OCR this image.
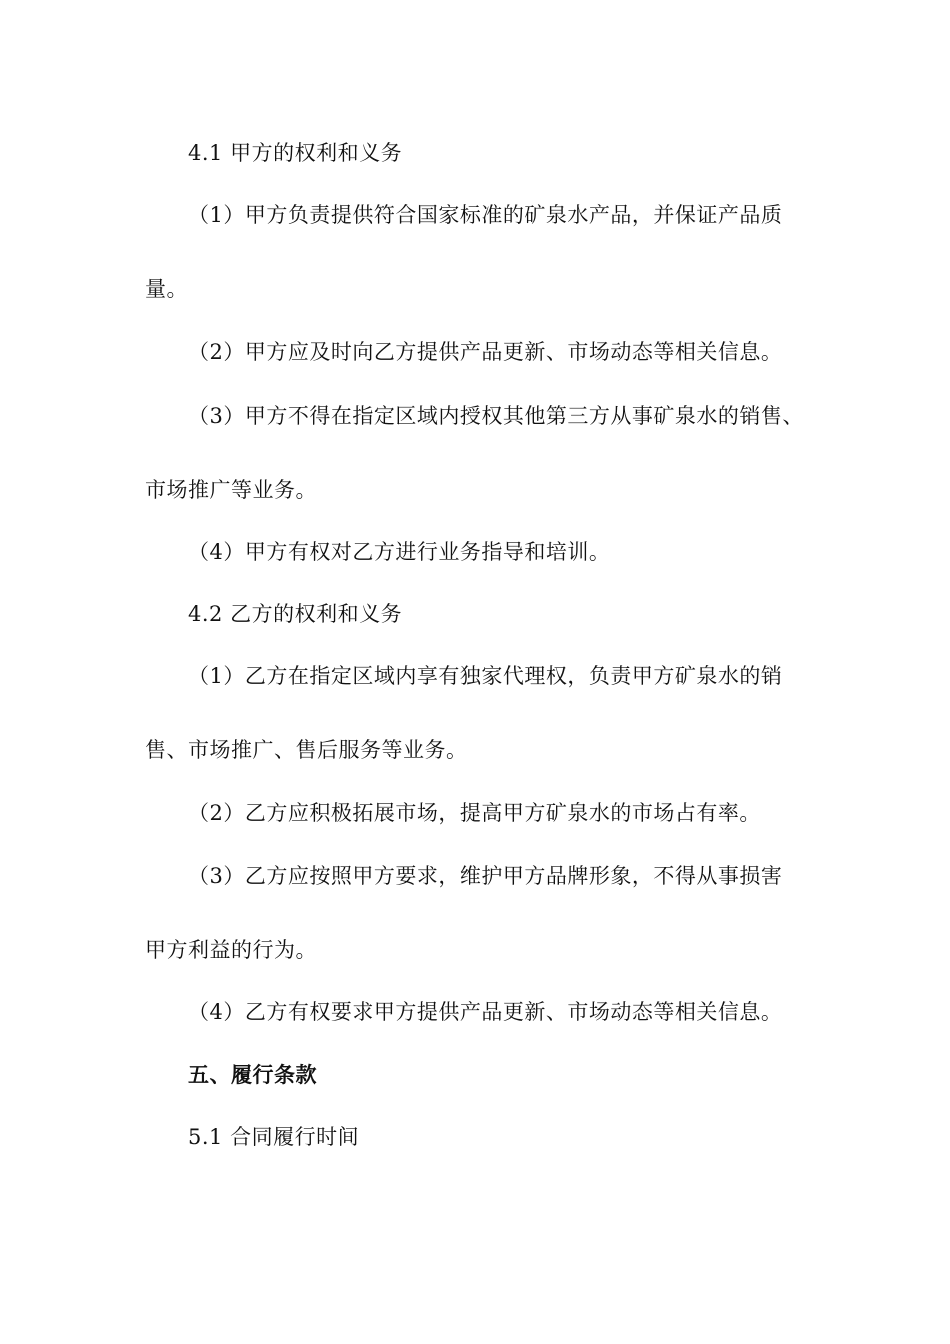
4.1 甲方的权利和义务
（1）甲方负责提供符合国家标准的矿泉水产品，并保证产品质
量。
（2）甲方应及时向乙方提供产品更新、市场动态等相关信息。
（3）甲方不得在指定区域内授权其他第三方从事矿泉水的销售、
市场推广等业务。
（4）甲方有权对乙方进行业务指导和培训。
4.2 乙方的权利和义务
（1）乙方在指定区域内享有独家代理权，负责甲方矿泉水的销
售、市场推广、售后服务等业务。
（2）乙方应积极拓展市场，提高甲方矿泉水的市场占有率。
（3）乙方应按照甲方要求，维护甲方品牌形象，不得从事损害
甲方利益的行为。
（4）乙方有权要求甲方提供产品更新、市场动态等相关信息。
五、履行条款
5.1 合同履行时间
